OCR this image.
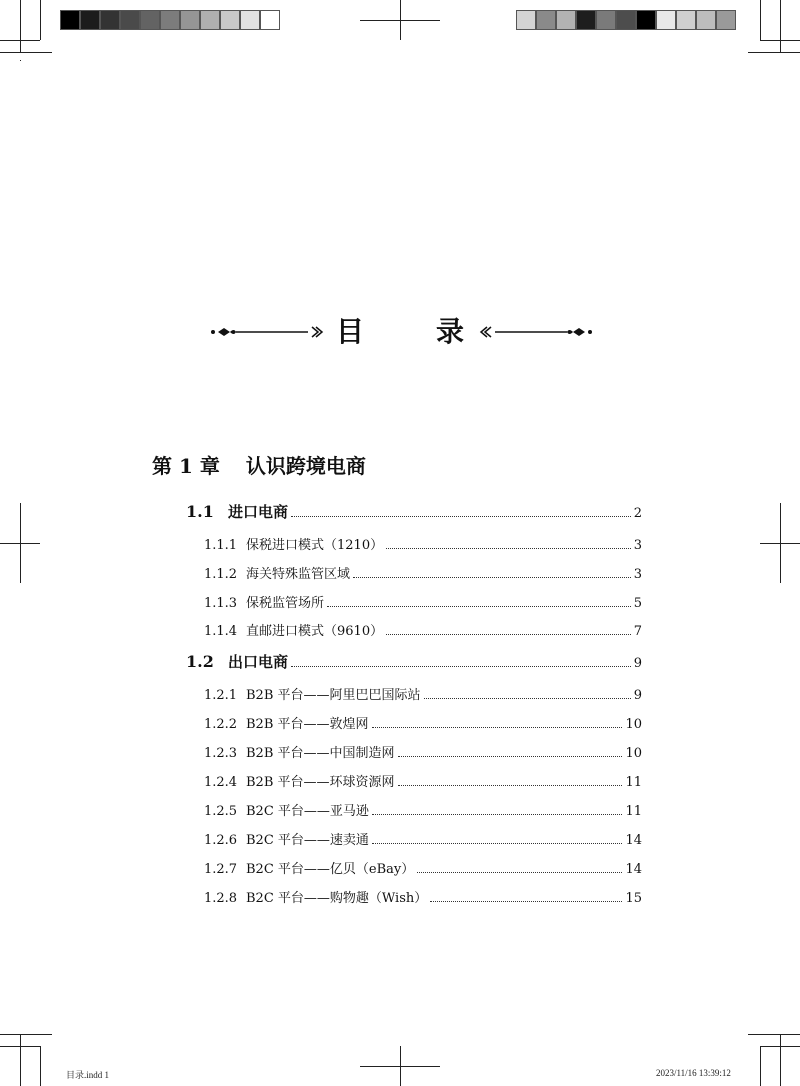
目　录
第 1 章 认识跨境电商
1.1 进口电商	2
1.1.1 保税进口模式（1210）	3
1.1.2 海关特殊监管区域	3
1.1.3 保税监管场所	5
1.1.4 直邮进口模式（9610）	7
1.2 出口电商	9
1.2.1 B2B 平台——阿里巴巴国际站	9
1.2.2 B2B 平台——敦煌网	10
1.2.3 B2B 平台——中国制造网	10
1.2.4 B2B 平台——环球资源网	11
1.2.5 B2C 平台——亚马逊	11
1.2.6 B2C 平台——速卖通	14
1.2.7 B2C 平台——亿贝（eBay）	14
1.2.8 B2C 平台——购物趣（Wish）	15
目录.indd 1	2023/11/16 13:39:12
